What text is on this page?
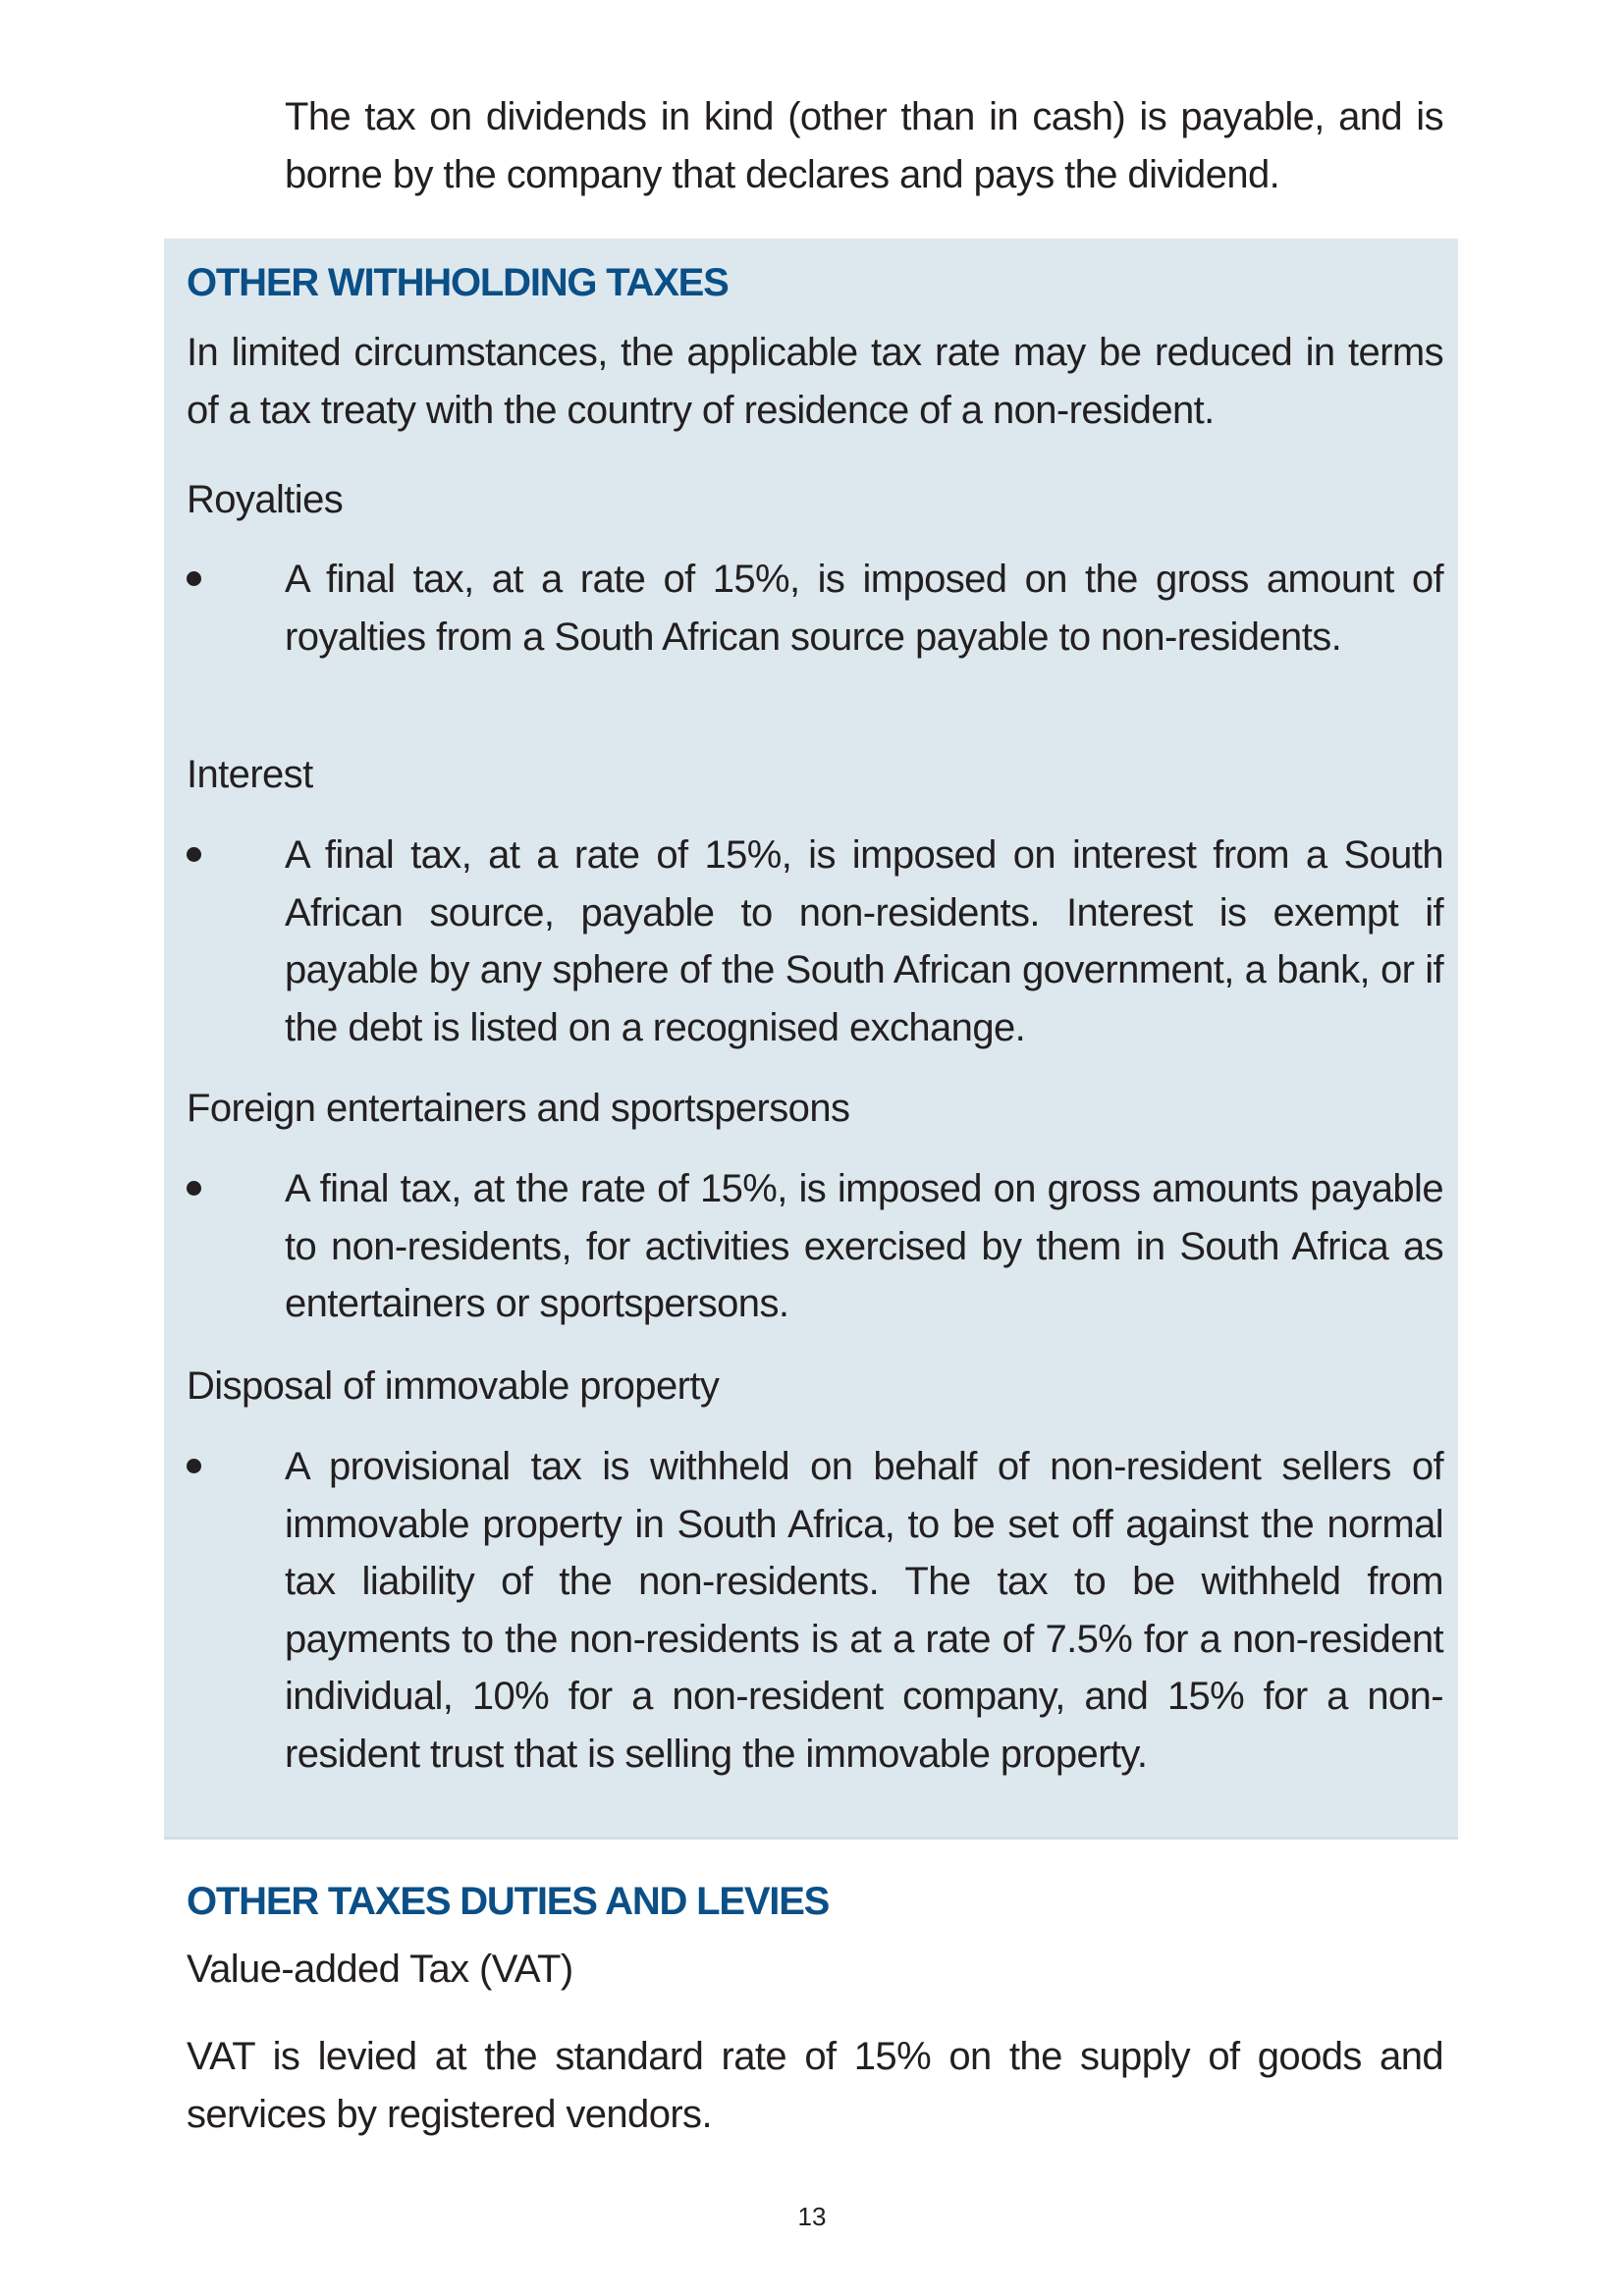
The tax on dividends in kind (other than in cash) is payable, and is borne by the company that declares and pays the dividend.

OTHER WITHHOLDING TAXES

In limited circumstances, the applicable tax rate may be reduced in terms of a tax treaty with the country of residence of a non-resident.

Royalties

A final tax, at a rate of 15%, is imposed on the gross amount of royalties from a South African source payable to non-residents.

Interest

A final tax, at a rate of 15%, is imposed on interest from a South African source, payable to non-residents. Interest is exempt if payable by any sphere of the South African government, a bank, or if the debt is listed on a recognised exchange.

Foreign entertainers and sportspersons

A final tax, at the rate of 15%, is imposed on gross amounts payable to non-residents, for activities exercised by them in South Africa as entertainers or sportspersons.

Disposal of immovable property

A provisional tax is withheld on behalf of non-resident sellers of immovable property in South Africa, to be set off against the normal tax liability of the non-residents. The tax to be withheld from payments to the non-residents is at a rate of 7.5% for a non-resident individual, 10% for a non-resident company, and 15% for a non-resident trust that is selling the immovable property.

OTHER TAXES DUTIES AND LEVIES
Value-added Tax (VAT)

VAT is levied at the standard rate of 15% on the supply of goods and services by registered vendors.

13
